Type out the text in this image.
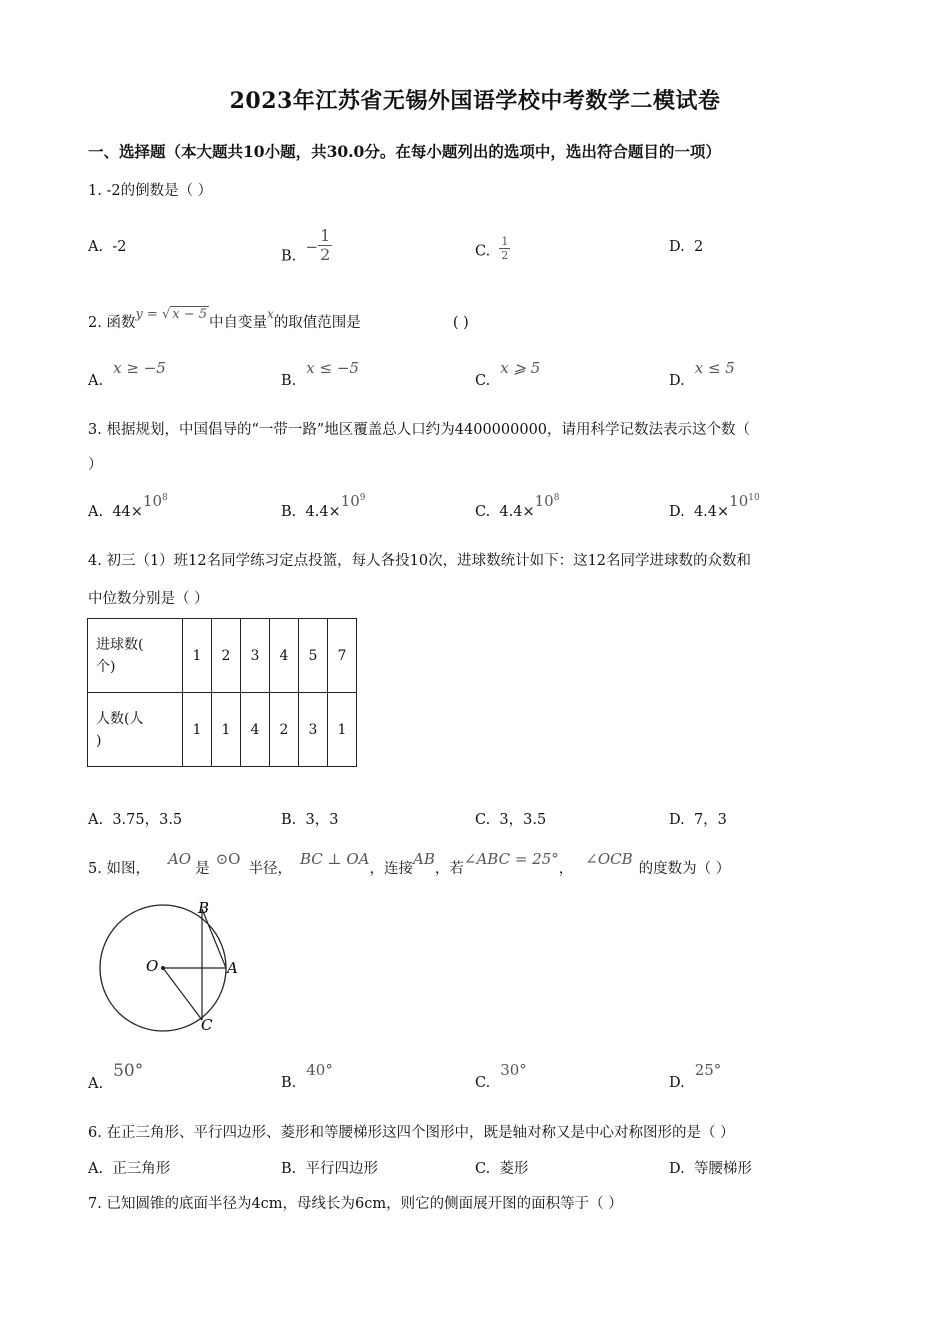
2023年江苏省无锡外国语学校中考数学二模试卷
一、选择题（本大题共10小题，共30.0分。在每小题列出的选项中，选出符合题目的一项）
1. -2的倒数是（ ）
A. -2
B.  − $\frac{1}{2}$	C. $\frac{1}{2}$	D. 2
2. 函数y = √ x − 5中自变量$^x$的取值范围是	( )
A.x ≥ −5
B.x ≤ −5
C.x ⩾ 5
D.x ≤ 5
3. 根据规划，中国倡导的“一带一路”地区覆盖总人口约为4400000000，请用科学记数法表示这个数（
）
A. $44\times 10^8$
B. $4.4\times 10^9$
C. $4.4\times 10^8$
D. $4.4\times 10^{10}$
4. 初三（1）班12名同学练习定点投篮，每人各投10次，进球数统计如下：这12名同学进球数的众数和
中位数分别是（ ）
进球数(
个)	1	2	3	4	5	7
人数(人
)	1	1	4	2	3	1
A. 3.75，3.5	B. 3，3	C. 3，3.5	D. 7，3
5. 如图，AO是⊙O半径，BC ⊥ OA，连接AB，若∠ABC = 25°，∠OCB的度数为（ ）
B
O	A
C
A.50°
B.40°
C.30°
D.25°
6. 在正三角形、平行四边形、菱形和等腰梯形这四个图形中，既是轴对称又是中心对称图形的是（ ）
A. 正三角形	B. 平行四边形	C. 菱形	D. 等腰梯形
7. 已知圆锥的底面半径为4cm，母线长为6cm，则它的侧面展开图的面积等于（ ）
